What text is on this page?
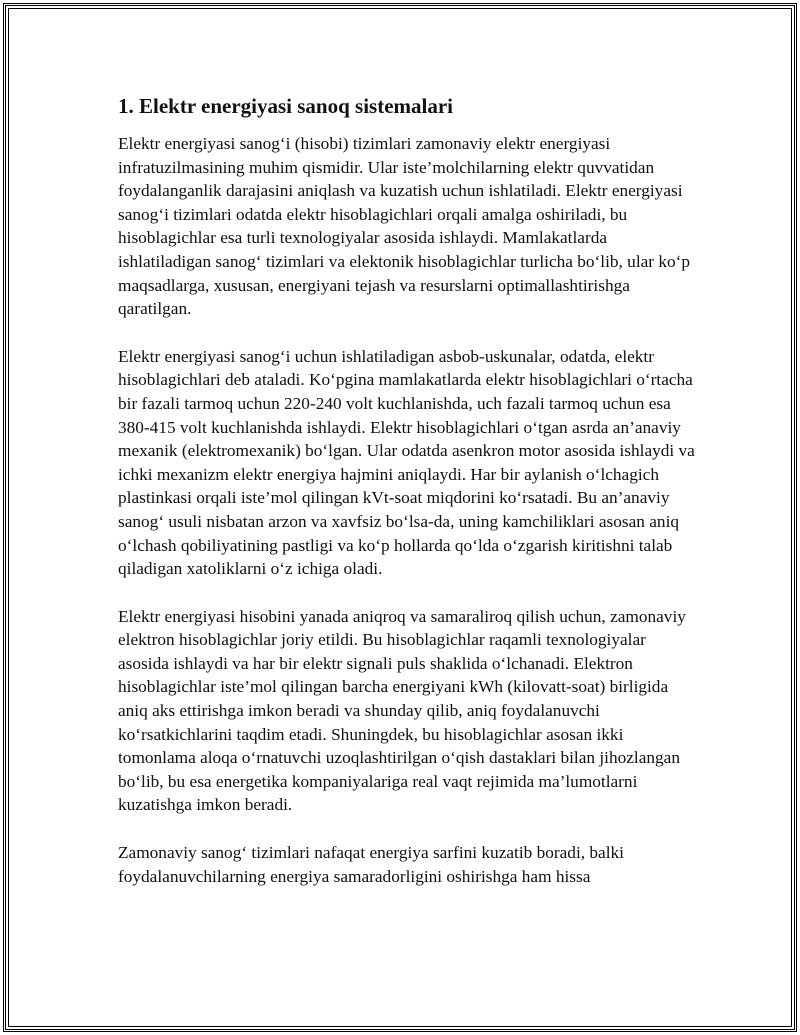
1. Elektr energiyasi sanoq sistemalari

Elektr energiyasi sanog‘i (hisobi) tizimlari zamonaviy elektr energiyasi infratuzilmasining muhim qismidir. Ular iste’molchilarning elektr quvvatidan foydalanganlik darajasini aniqlash va kuzatish uchun ishlatiladi. Elektr energiyasi sanog‘i tizimlari odatda elektr hisoblagichlari orqali amalga oshiriladi, bu hisoblagichlar esa turli texnologiyalar asosida ishlaydi. Mamlakatlarda ishlatiladigan sanog‘ tizimlari va elektonik hisoblagichlar turlicha bo‘lib, ular ko‘p maqsadlarga, xususan, energiyani tejash va resurslarni optimallashtirishga qaratilgan.

Elektr energiyasi sanog‘i uchun ishlatiladigan asbob-uskunalar, odatda, elektr hisoblagichlari deb ataladi. Ko‘pgina mamlakatlarda elektr hisoblagichlari o‘rtacha bir fazali tarmoq uchun 220-240 volt kuchlanishda, uch fazali tarmoq uchun esa 380-415 volt kuchlanishda ishlaydi. Elektr hisoblagichlari o‘tgan asrda an’anaviy mexanik (elektromexanik) bo‘lgan. Ular odatda asenkron motor asosida ishlaydi va ichki mexanizm elektr energiya hajmini aniqlaydi. Har bir aylanish o‘lchagich plastinkasi orqali iste’mol qilingan kVt-soat miqdorini ko‘rsatadi. Bu an’anaviy sanog‘ usuli nisbatan arzon va xavfsiz bo‘lsa-da, uning kamchiliklari asosan aniq o‘lchash qobiliyatining pastligi va ko‘p hollarda qo‘lda o‘zgarish kiritishni talab qiladigan xatoliklarni o‘z ichiga oladi.

Elektr energiyasi hisobini yanada aniqroq va samaraliroq qilish uchun, zamonaviy elektron hisoblagichlar joriy etildi. Bu hisoblagichlar raqamli texnologiyalar asosida ishlaydi va har bir elektr signali puls shaklida o‘lchanadi. Elektron hisoblagichlar iste’mol qilingan barcha energiyani kWh (kilovatt-soat) birligida aniq aks ettirishga imkon beradi va shunday qilib, aniq foydalanuvchi ko‘rsatkichlarini taqdim etadi. Shuningdek, bu hisoblagichlar asosan ikki tomonlama aloqa o‘rnatuvchi uzoqlashtirilgan o‘qish dastaklari bilan jihozlangan bo‘lib, bu esa energetika kompaniyalariga real vaqt rejimida ma’lumotlarni kuzatishga imkon beradi.

Zamonaviy sanog‘ tizimlari nafaqat energiya sarfini kuzatib boradi, balki foydalanuvchilarning energiya samaradorligini oshirishga ham hissa
